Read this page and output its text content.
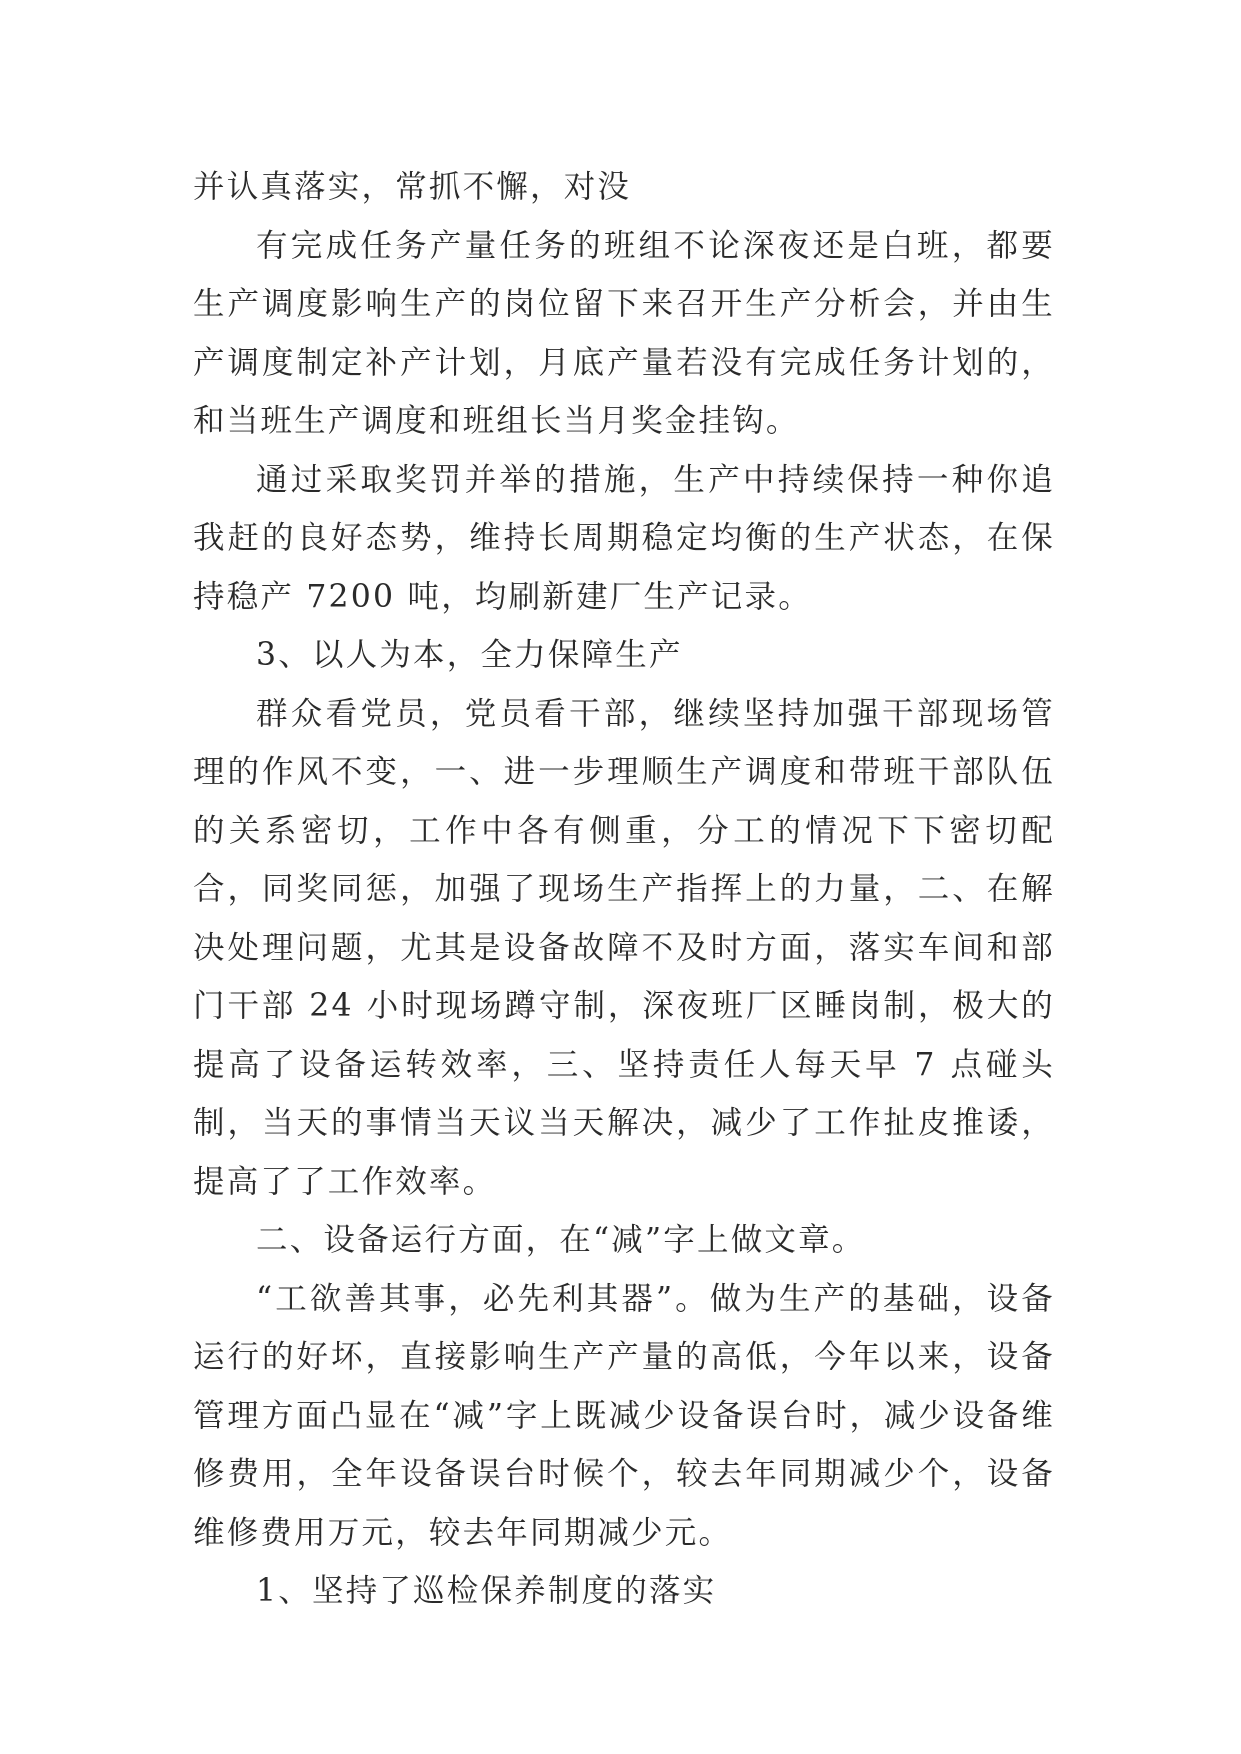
并认真落实，常抓不懈，对没

有完成任务产量任务的班组不论深夜还是白班，都要生产调度影响生产的岗位留下来召开生产分析会，并由生产调度制定补产计划，月底产量若没有完成任务计划的，和当班生产调度和班组长当月奖金挂钩。

通过采取奖罚并举的措施，生产中持续保持一种你追我赶的良好态势，维持长周期稳定均衡的生产状态，在保持稳产 7200 吨，均刷新建厂生产记录。

3、以人为本，全力保障生产

群众看党员，党员看干部，继续坚持加强干部现场管理的作风不变，一、进一步理顺生产调度和带班干部队伍的关系密切，工作中各有侧重，分工的情况下下密切配合，同奖同惩，加强了现场生产指挥上的力量，二、在解决处理问题，尤其是设备故障不及时方面，落实车间和部门干部 24 小时现场蹲守制，深夜班厂区睡岗制，极大的提高了设备运转效率，三、坚持责任人每天早 7 点碰头制，当天的事情当天议当天解决，减少了工作扯皮推诿，提高了了工作效率。

二、设备运行方面，在“减”字上做文章。

“工欲善其事，必先利其器”。做为生产的基础，设备运行的好坏，直接影响生产产量的高低，今年以来，设备管理方面凸显在“减”字上既减少设备误台时，减少设备维修费用，全年设备误台时候个，较去年同期减少个，设备维修费用万元，较去年同期减少元。

1、坚持了巡检保养制度的落实
